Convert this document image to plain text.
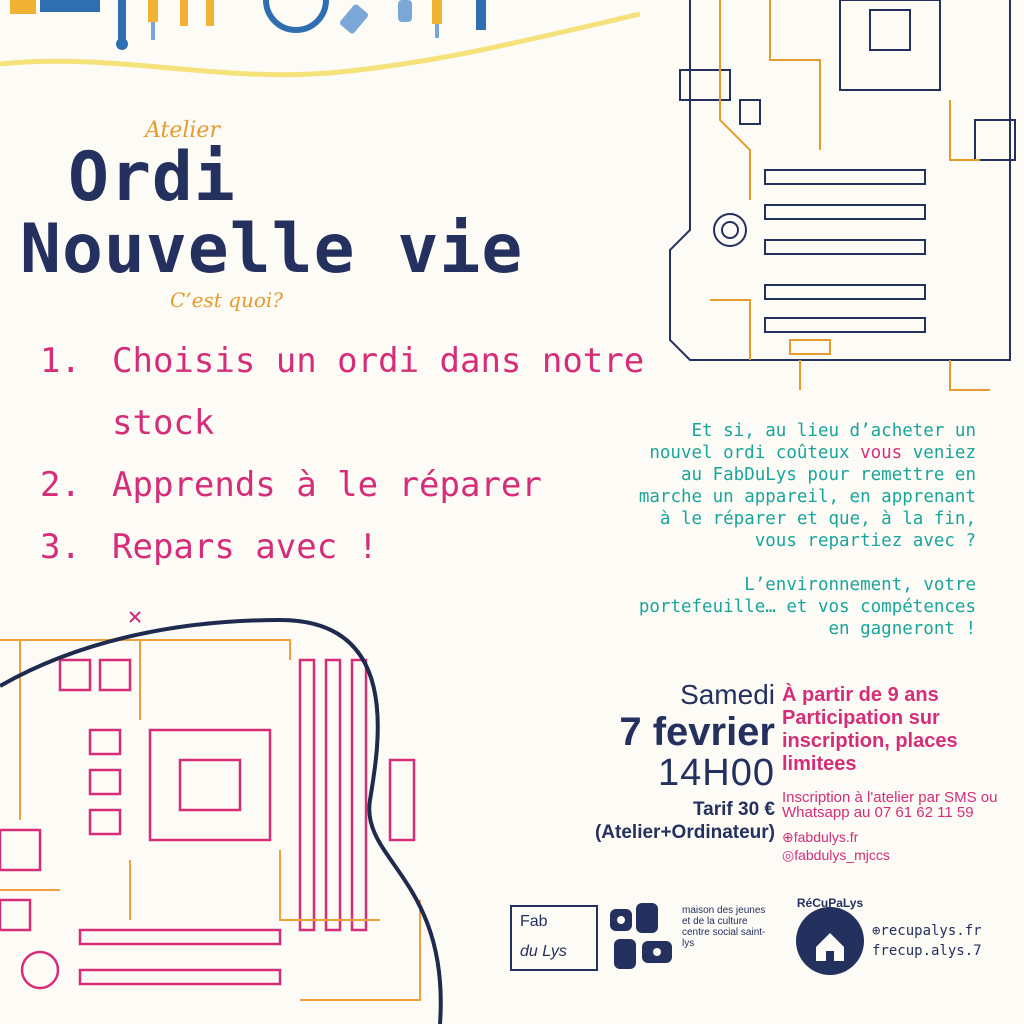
Atelier
Ordi
Nouvelle vie
C’est quoi?
1. Choisis un ordi dans notre stock
2. Apprends à le réparer
3. Repars avec !

Et si, au lieu d’acheter un nouvel ordi coûteux vous veniez au FabDuLys pour remettre en marche un appareil, en apprenant à le réparer et que, à la fin, vous repartiez avec ?

L’environnement, votre portefeuille… et vos compétences en gagneront !

Samedi
7 fevrier
14H00
Tarif 30 €
(Atelier+Ordinateur)
À partir de 9 ans
Participation sur inscription, places limitees
Inscription à l'atelier par SMS ou Whatsapp au 07 61 62 11 59
⊕fabdulys.fr
◎fabdulys_mjccs
Fab
du Lys
maison des jeunes et de la culture centre social saint-lys
RéCuPaLys
⊕recupalys.fr
frecup.alys.7
